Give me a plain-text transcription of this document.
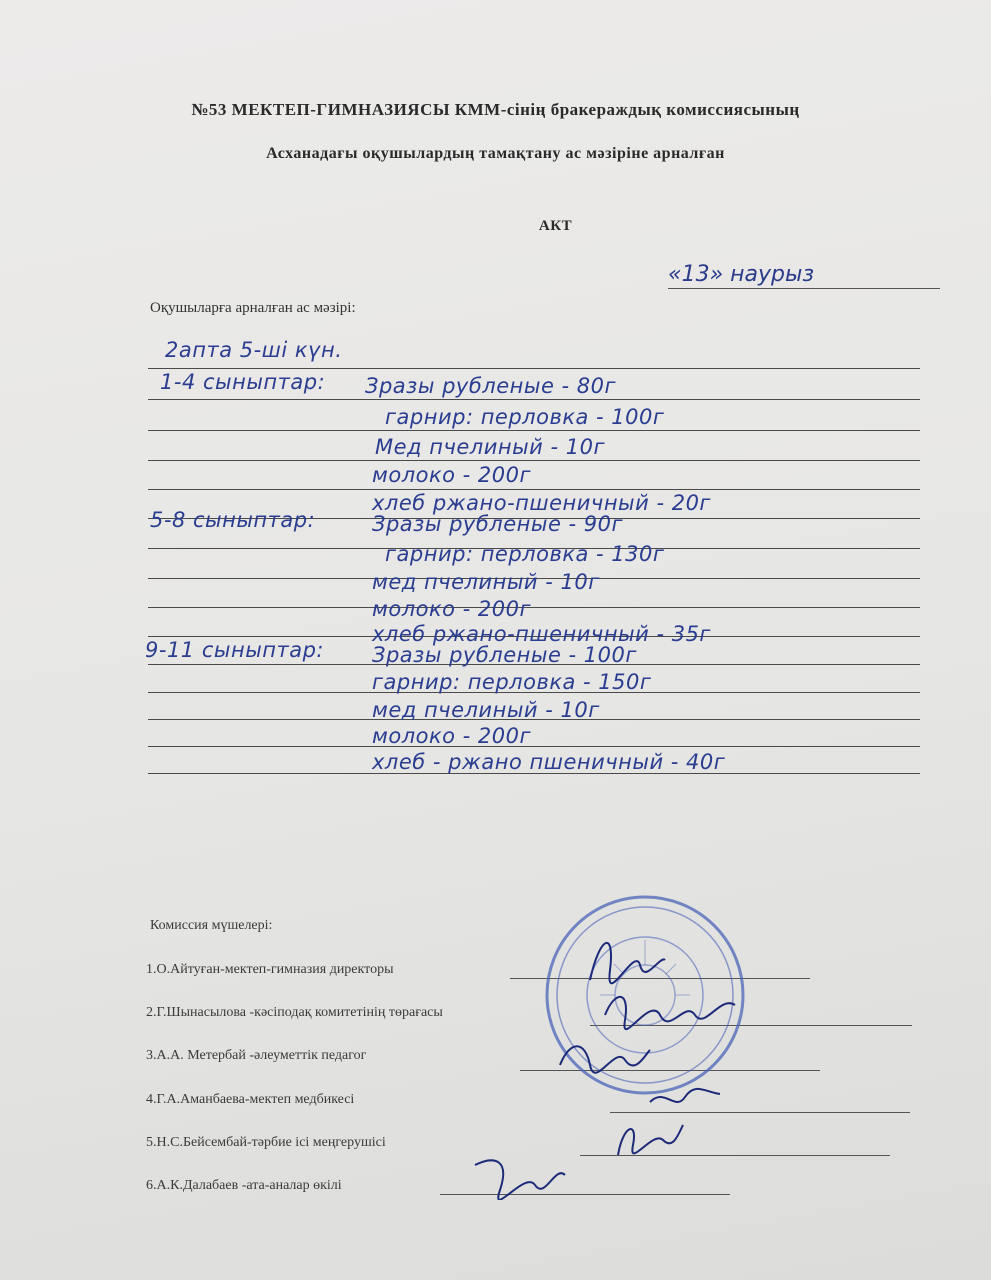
№53 МЕКТЕП-ГИМНАЗИЯСЫ КММ-сінің бракераждық комиссиясының
Асханадағы оқушылардың тамақтану ас мәзіріне арналған
АКТ
«13» наурыз
Оқушыларға арналған ас мәзірі:
2апта 5-ші күн.
1-4 сыныптар: Зразы рубленые - 80г
гарнир: перловка - 100г
Мед пчелиный - 10г
молоко - 200г
хлеб ржано-пшеничный - 20г
5-8 сыныптар:	Зразы рубленые - 90г
гарнир: перловка - 130г
мед пчелиный - 10г
молоко - 200г
хлеб ржано-пшеничный - 35г
9-11 сыныптар: Зразы рубленые - 100г
гарнир: перловка - 150г
мед пчелиный - 10г
молоко - 200г
хлеб - ржано пшеничный - 40г
Комиссия мүшелері:
1.О.Айтуған-мектеп-гимназия директоры
2.Г.Шынасылова -кәсіподақ комитетінің төрағасы
3.А.А. Метербай -әлеуметтік педагог
4.Г.А.Аманбаева-мектеп медбикесі
5.Н.С.Бейсембай-тәрбие ісі меңгерушісі
6.А.К.Далабаев -ата-аналар өкілі
